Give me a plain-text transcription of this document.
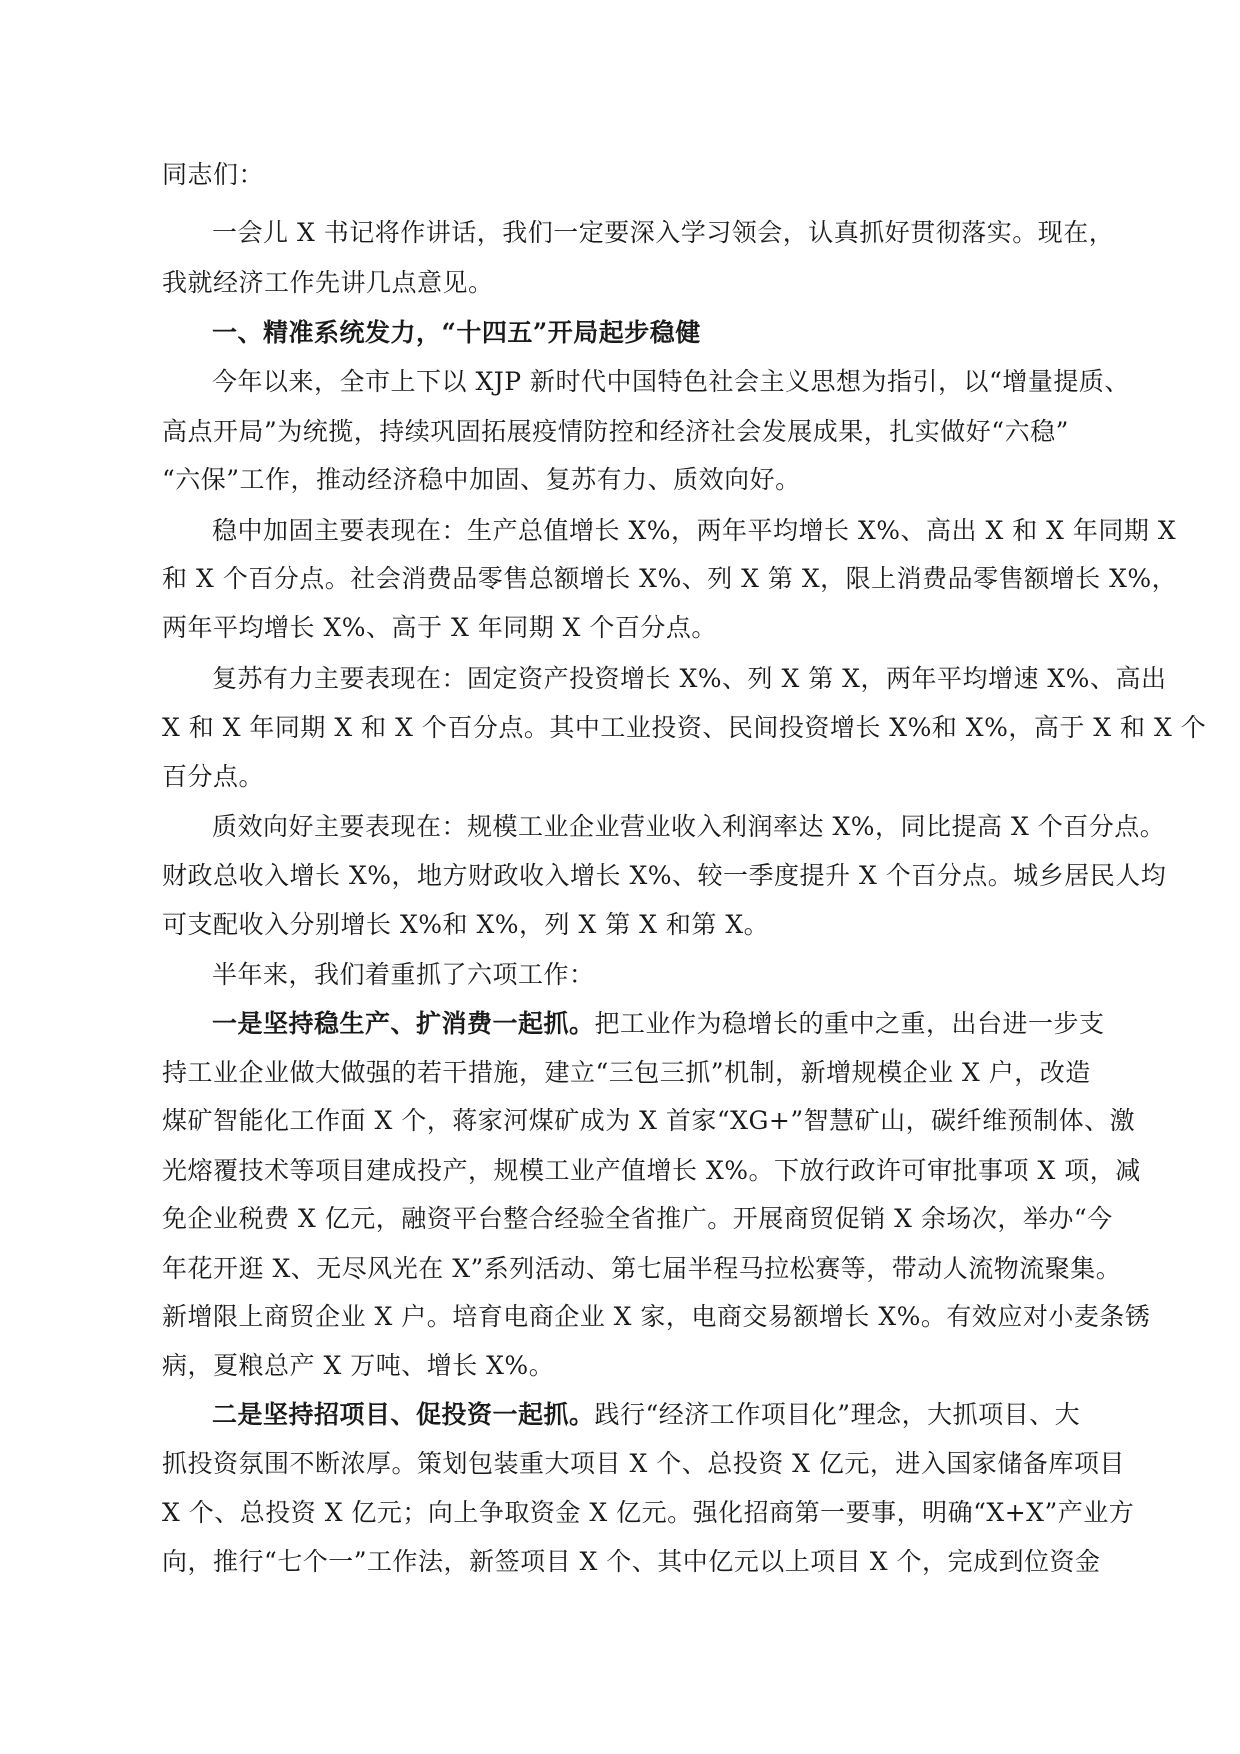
同志们：
一会儿 X 书记将作讲话，我们一定要深入学习领会，认真抓好贯彻落实。现在，
我就经济工作先讲几点意见。
一、精准系统发力，“十四五”开局起步稳健
今年以来，全市上下以 XJP 新时代中国特色社会主义思想为指引，以“增量提质、
高点开局”为统揽，持续巩固拓展疫情防控和经济社会发展成果，扎实做好“六稳”
“六保”工作，推动经济稳中加固、复苏有力、质效向好。
稳中加固主要表现在：生产总值增长 X%，两年平均增长 X%、高出 X 和 X 年同期 X
和 X 个百分点。社会消费品零售总额增长 X%、列 X 第 X，限上消费品零售额增长 X%，
两年平均增长 X%、高于 X 年同期 X 个百分点。
复苏有力主要表现在：固定资产投资增长 X%、列 X 第 X，两年平均增速 X%、高出
X 和 X 年同期 X 和 X 个百分点。其中工业投资、民间投资增长 X%和 X%，高于 X 和 X 个
百分点。
质效向好主要表现在：规模工业企业营业收入利润率达 X%，同比提高 X 个百分点。
财政总收入增长 X%，地方财政收入增长 X%、较一季度提升 X 个百分点。城乡居民人均
可支配收入分别增长 X%和 X%，列 X 第 X 和第 X。
半年来，我们着重抓了六项工作：
一是坚持稳生产、扩消费一起抓。把工业作为稳增长的重中之重，出台进一步支
持工业企业做大做强的若干措施，建立“三包三抓”机制，新增规模企业 X 户，改造
煤矿智能化工作面 X 个，蒋家河煤矿成为 X 首家“XG+”智慧矿山，碳纤维预制体、激
光熔覆技术等项目建成投产，规模工业产值增长 X%。下放行政许可审批事项 X 项，减
免企业税费 X 亿元，融资平台整合经验全省推广。开展商贸促销 X 余场次，举办“今
年花开逛 X、无尽风光在 X”系列活动、第七届半程马拉松赛等，带动人流物流聚集。
新增限上商贸企业 X 户。培育电商企业 X 家，电商交易额增长 X%。有效应对小麦条锈
病，夏粮总产 X 万吨、增长 X%。
二是坚持招项目、促投资一起抓。践行“经济工作项目化”理念，大抓项目、大
抓投资氛围不断浓厚。策划包装重大项目 X 个、总投资 X 亿元，进入国家储备库项目
X 个、总投资 X 亿元；向上争取资金 X 亿元。强化招商第一要事，明确“X+X”产业方
向，推行“七个一”工作法，新签项目 X 个、其中亿元以上项目 X 个，完成到位资金
